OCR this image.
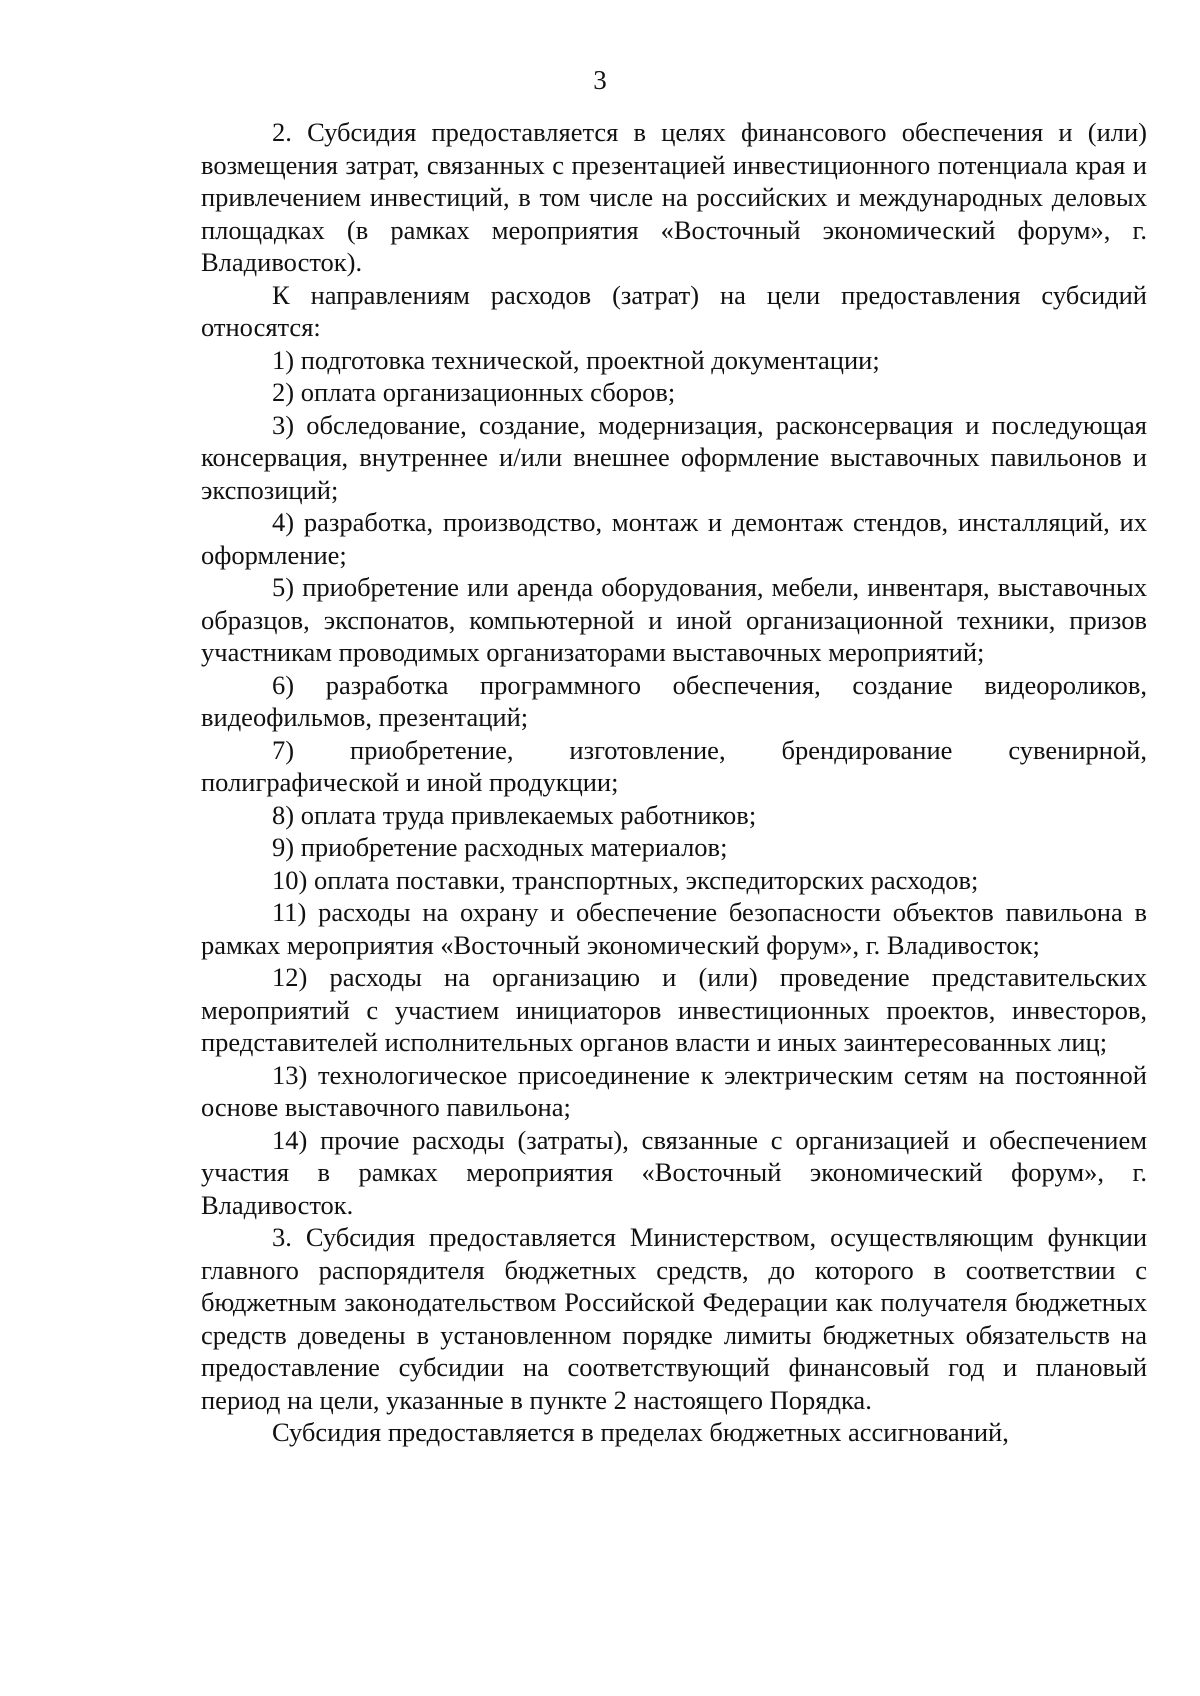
3

2. Субсидия предоставляется в целях финансового обеспечения и (или) возмещения затрат, связанных с презентацией инвестиционного потенциала края и привлечением инвестиций, в том числе на российских и международных деловых площадках (в рамках мероприятия «Восточный экономический форум», г. Владивосток).

К направлениям расходов (затрат) на цели предоставления субсидий относятся:

1) подготовка технической, проектной документации;

2) оплата организационных сборов;

3) обследование, создание, модернизация, расконсервация и последующая консервация, внутреннее и/или внешнее оформление выставочных павильонов и экспозиций;

4) разработка, производство, монтаж и демонтаж стендов, инсталляций, их оформление;

5) приобретение или аренда оборудования, мебели, инвентаря, выставочных образцов, экспонатов, компьютерной и иной организационной техники, призов участникам проводимых организаторами выставочных мероприятий;

6) разработка программного обеспечения, создание видеороликов, видеофильмов, презентаций;

7) приобретение, изготовление, брендирование сувенирной, полиграфической и иной продукции;

8) оплата труда привлекаемых работников;

9) приобретение расходных материалов;

10) оплата поставки, транспортных, экспедиторских расходов;

11) расходы на охрану и обеспечение безопасности объектов павильона в рамках мероприятия «Восточный экономический форум», г. Владивосток;

12) расходы на организацию и (или) проведение представительских мероприятий с участием инициаторов инвестиционных проектов, инвесторов, представителей исполнительных органов власти и иных заинтересованных лиц;

13) технологическое присоединение к электрическим сетям на постоянной основе выставочного павильона;

14) прочие расходы (затраты), связанные с организацией и обеспечением участия в рамках мероприятия «Восточный экономический форум», г. Владивосток.

3. Субсидия предоставляется Министерством, осуществляющим функции главного распорядителя бюджетных средств, до которого в соответствии с бюджетным законодательством Российской Федерации как получателя бюджетных средств доведены в установленном порядке лимиты бюджетных обязательств на предоставление субсидии на соответствующий финансовый год и плановый период на цели, указанные в пункте 2 настоящего Порядка.

Субсидия предоставляется в пределах бюджетных ассигнований,
